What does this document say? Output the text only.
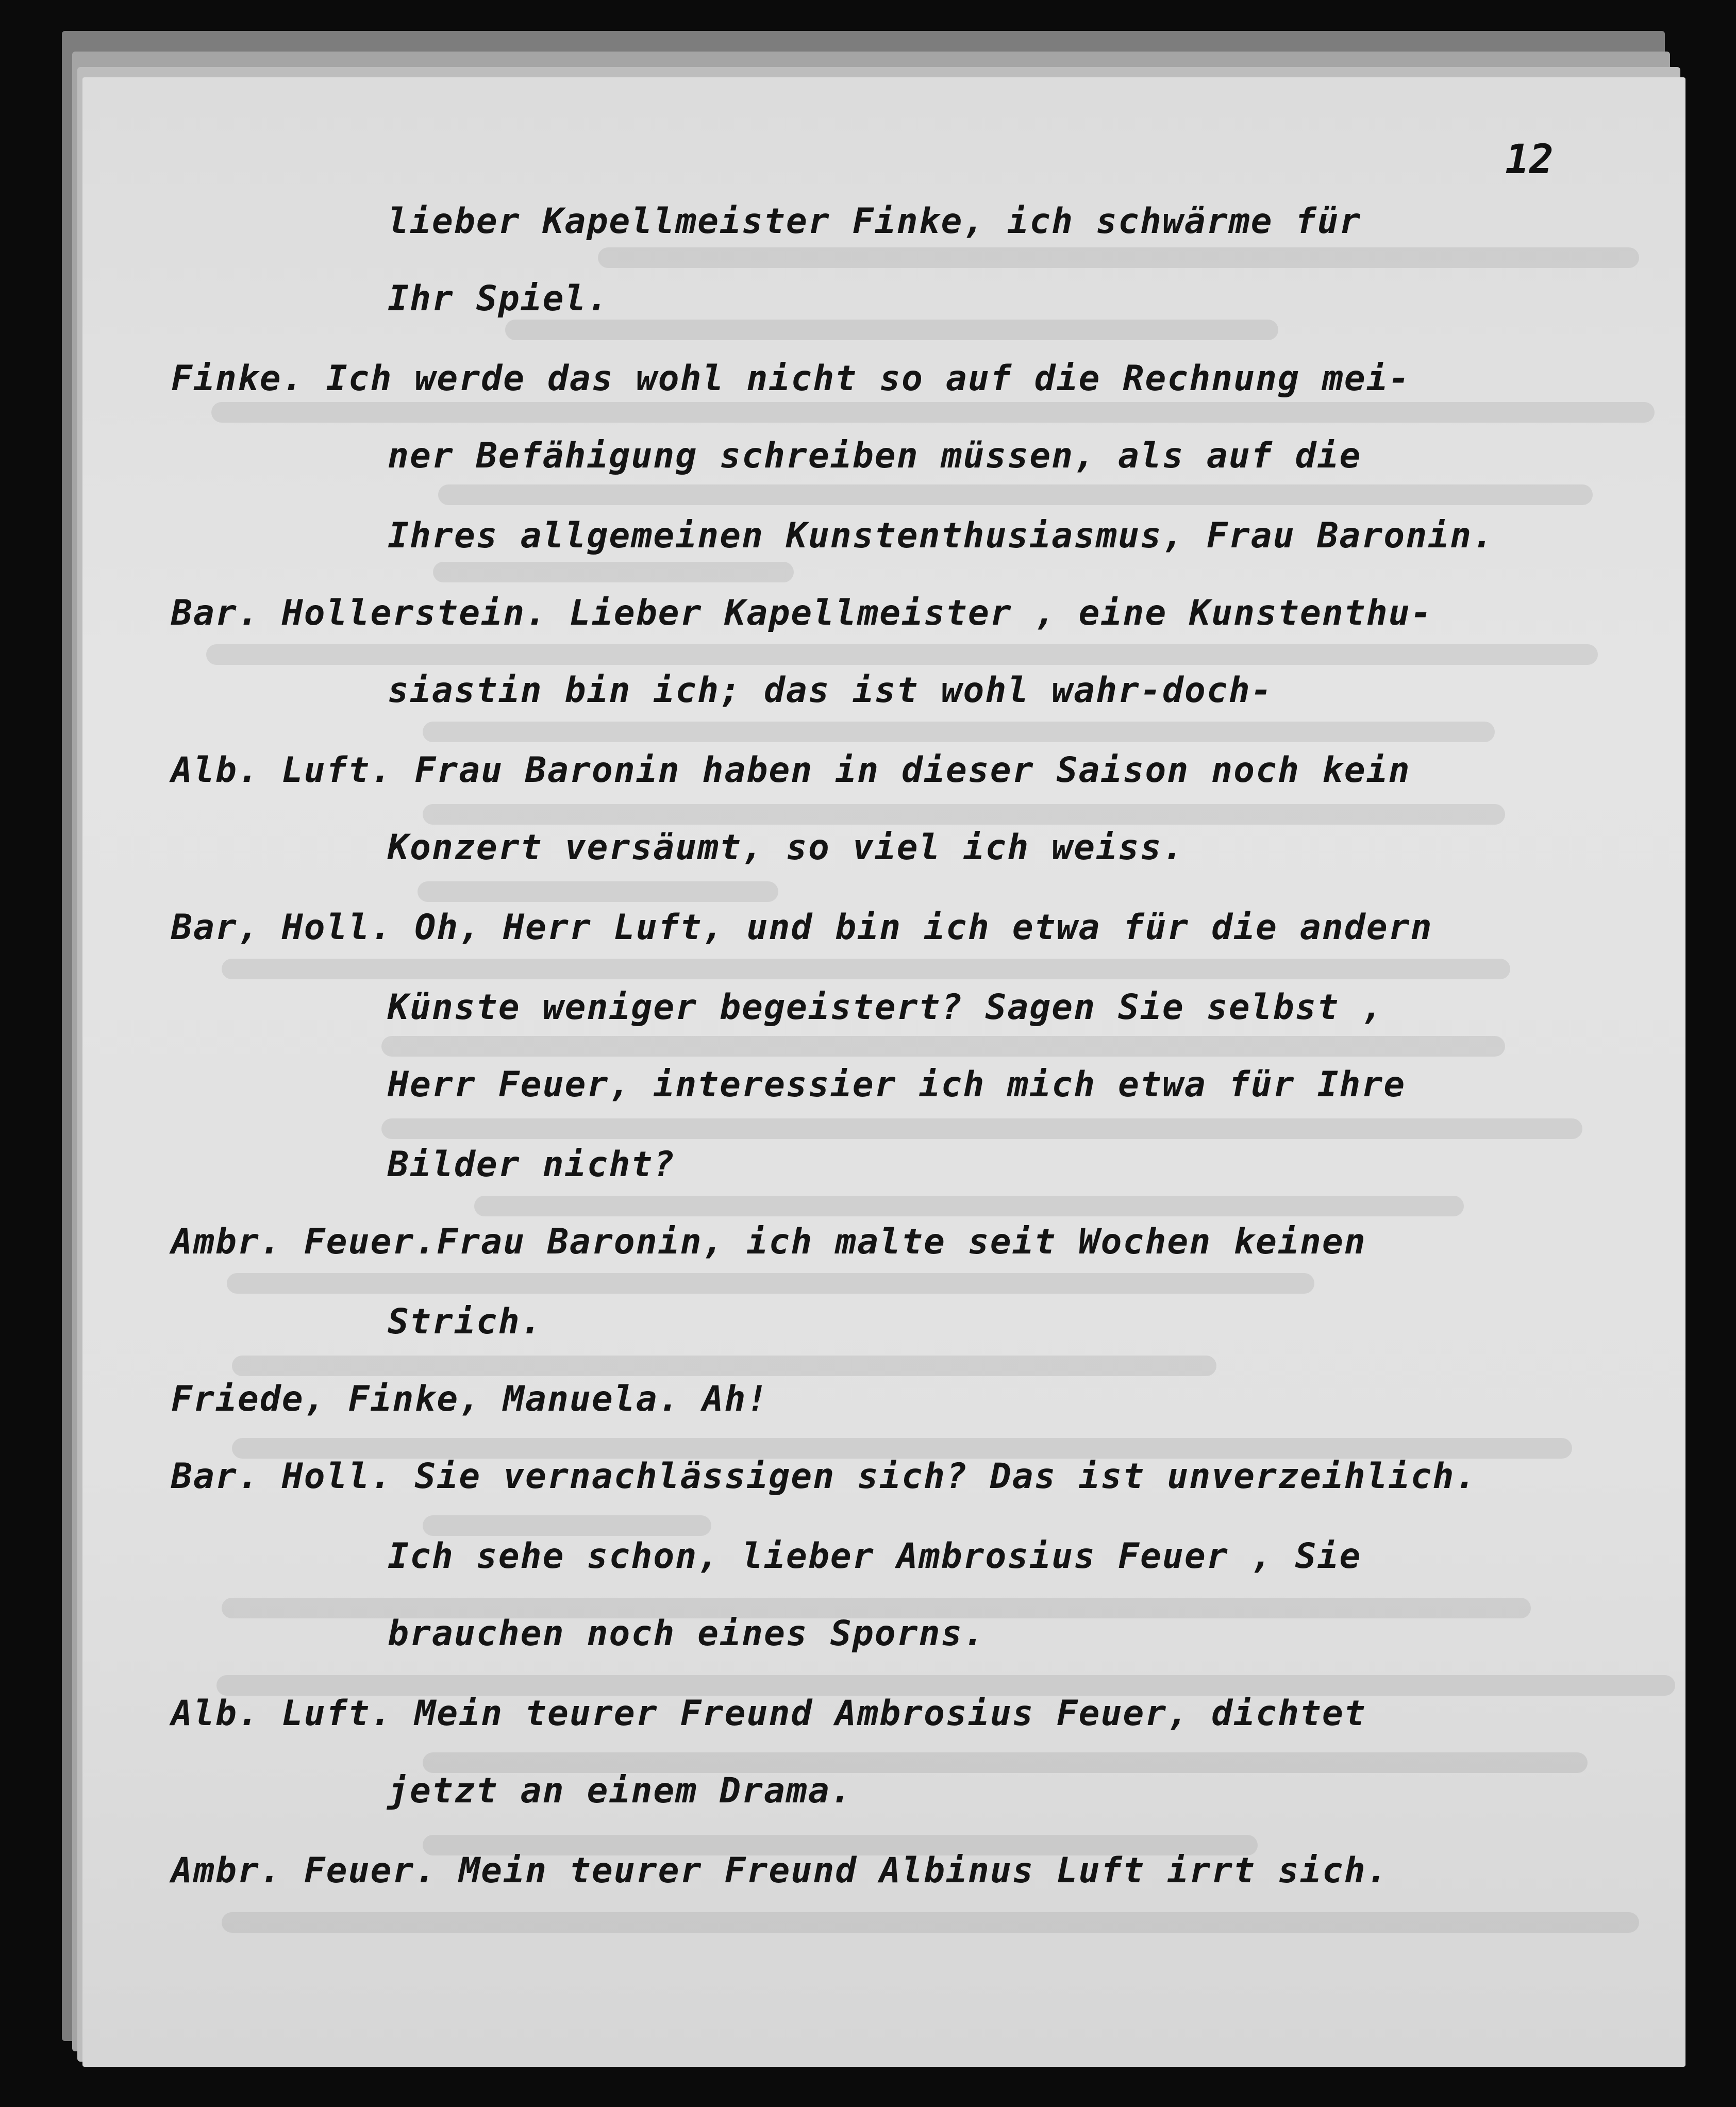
12
lieber Kapellmeister Finke, ich schwärme für
Ihr Spiel.
Finke. Ich werde das wohl nicht so auf die Rechnung mei-
ner Befähigung schreiben müssen, als auf die
Ihres allgemeinen Kunstenthusiasmus, Frau Baronin.
Bar. Hollerstein. Lieber Kapellmeister , eine Kunstenthu-
siastin bin ich; das ist wohl wahr-doch-
Alb. Luft. Frau Baronin haben in dieser Saison noch kein
Konzert versäumt, so viel ich weiss.
Bar, Holl. Oh, Herr Luft, und bin ich etwa für die andern
Künste weniger begeistert? Sagen Sie selbst ,
Herr Feuer, interessier ich mich etwa für Ihre
Bilder nicht?
Ambr. Feuer.Frau Baronin, ich malte seit Wochen keinen
Strich.
Friede, Finke, Manuela. Ah!
Bar. Holl. Sie vernachlässigen sich? Das ist unverzeihlich.
Ich sehe schon, lieber Ambrosius Feuer , Sie
brauchen noch eines Sporns.
Alb. Luft. Mein teurer Freund Ambrosius Feuer, dichtet
jetzt an einem Drama.
Ambr. Feuer. Mein teurer Freund Albinus Luft irrt sich.
